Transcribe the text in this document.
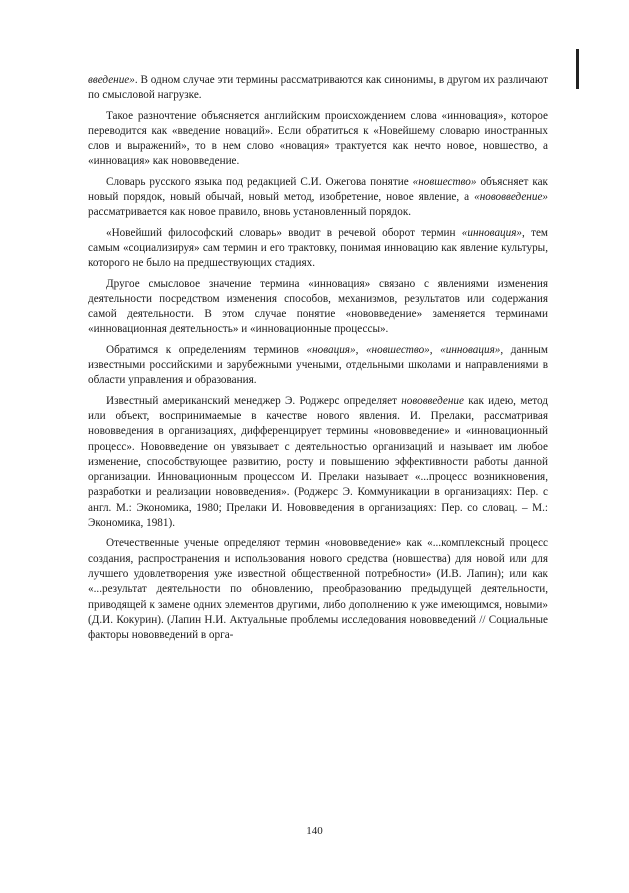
введение». В одном случае эти термины рассматриваются как синонимы, в другом их различают по смысловой нагрузке.

Такое разночтение объясняется английским происхождением слова «инновация», которое переводится как «введение новаций». Если обратиться к «Новейшему словарю иностранных слов и выражений», то в нем слово «новация» трактуется как нечто новое, новшество, а «инновация» как нововведение.

Словарь русского языка под редакцией С.И. Ожегова понятие «новшество» объясняет как новый порядок, новый обычай, новый метод, изобретение, новое явление, а «нововведение» рассматривается как новое правило, вновь установленный порядок.

«Новейший философский словарь» вводит в речевой оборот термин «инновация», тем самым «социализируя» сам термин и его трактовку, понимая инновацию как явление культуры, которого не было на предшествующих стадиях.

Другое смысловое значение термина «инновация» связано с явлениями изменения деятельности посредством изменения способов, механизмов, результатов или содержания самой деятельности. В этом случае понятие «нововведение» заменяется терминами «инновационная деятельность» и «инновационные процессы».

Обратимся к определениям терминов «новация», «новшество», «инновация», данным известными российскими и зарубежными учеными, отдельными школами и направлениями в области управления и образования.

Известный американский менеджер Э. Роджерс определяет нововведение как идею, метод или объект, воспринимаемые в качестве нового явления. И. Прелаки, рассматривая нововведения в организациях, дифференцирует термины «нововведение» и «инновационный процесс». Нововведение он увязывает с деятельностью организаций и называет им любое изменение, способствующее развитию, росту и повышению эффективности работы данной организации. Инновационным процессом И. Прелаки называет «...процесс возникновения, разработки и реализации нововведения». (Роджерс Э. Коммуникации в организациях: Пер. с англ. М.: Экономика, 1980; Прелаки И. Нововведения в организациях: Пер. со словац. – М.: Экономика, 1981).

Отечественные ученые определяют термин «нововведение» как «...комплексный процесс создания, распространения и использования нового средства (новшества) для новой или для лучшего удовлетворения уже известной общественной потребности» (И.В. Лапин); или как «...результат деятельности по обновлению, преобразованию предыдущей деятельности, приводящей к замене одних элементов другими, либо дополнению к уже имеющимся, новыми» (Д.И. Кокурин). (Лапин Н.И. Актуальные проблемы исследования нововведений // Социальные факторы нововведений в орга-

140
